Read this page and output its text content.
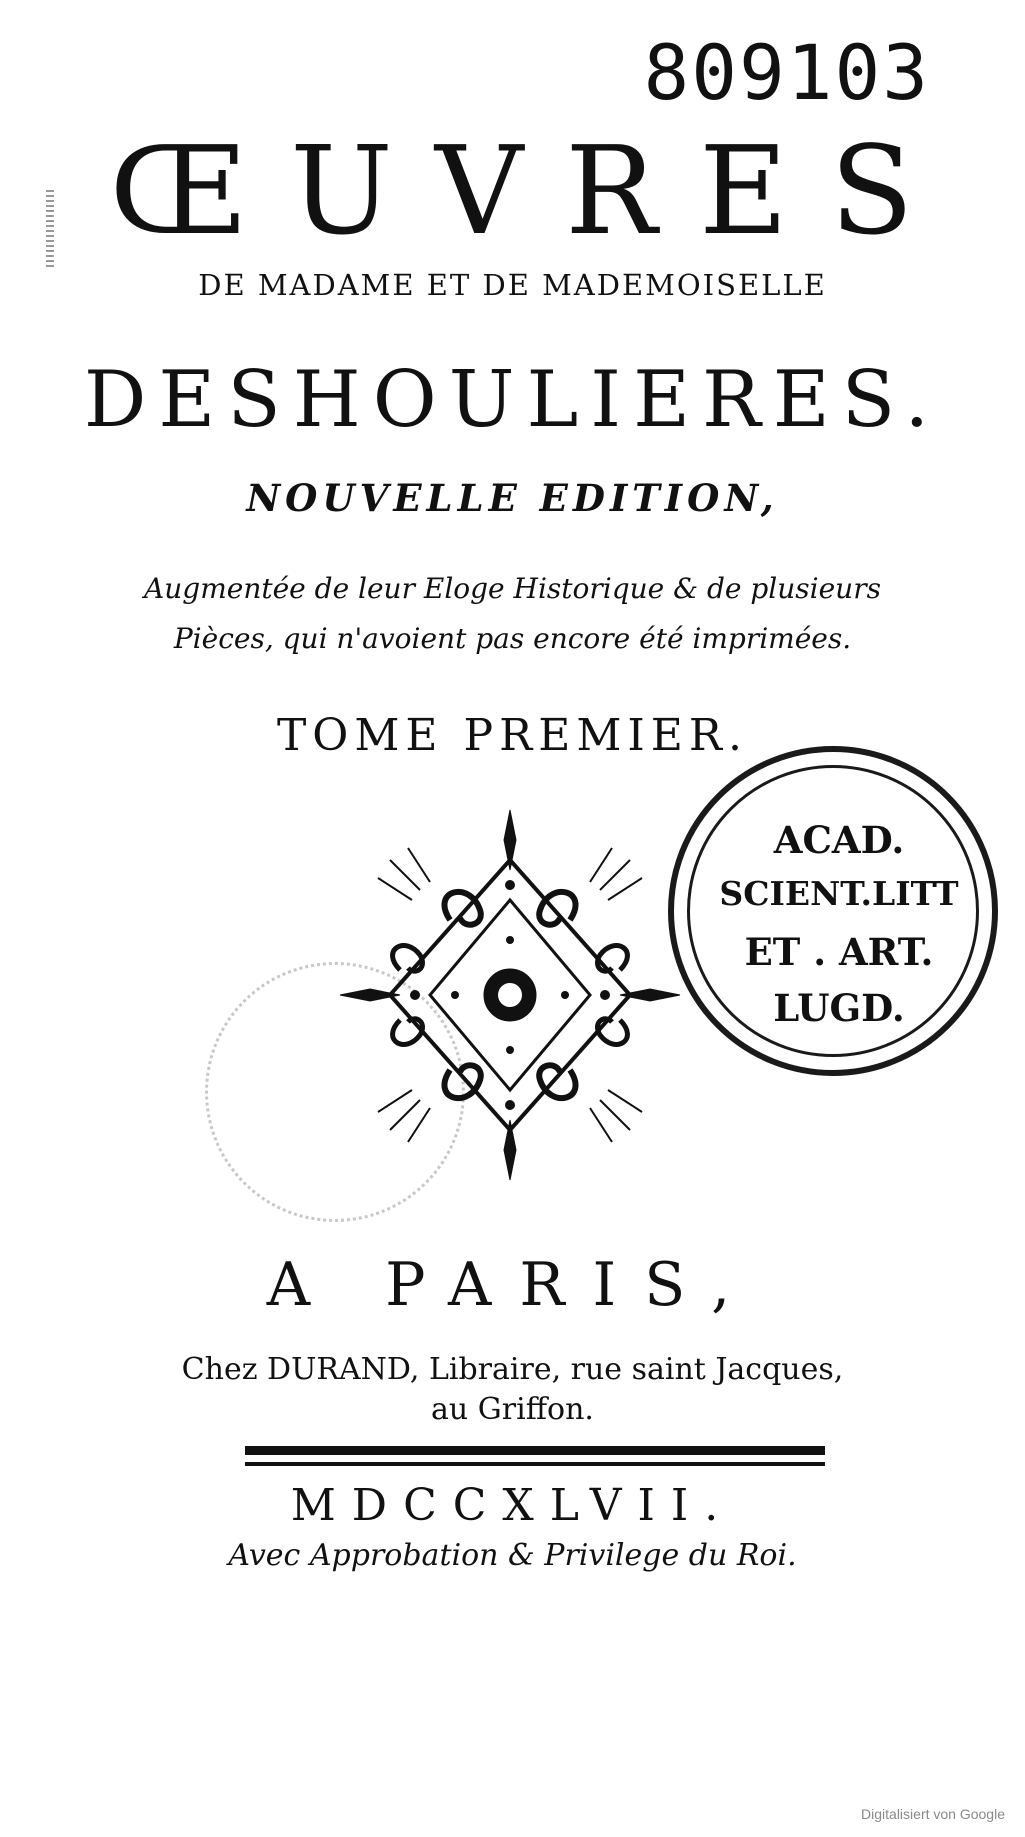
809103
ŒUVRES
DE MADAME ET DE MADEMOISELLE
DESHOULIERES.
NOUVELLE EDITION,
Augmentée de leur Eloge Historique & de plusieurs
Pièces, qui n'avoient pas encore été imprimées.
TOME PREMIER.
ACAD.
SCIENT.LITT
ET . ART.
LUGD.
A PARIS,
Chez DURAND, Libraire, rue saint Jacques,
au Griffon.
MDCCXLVII.
Avec Approbation & Privilege du Roi.
Digitalisiert von Google
